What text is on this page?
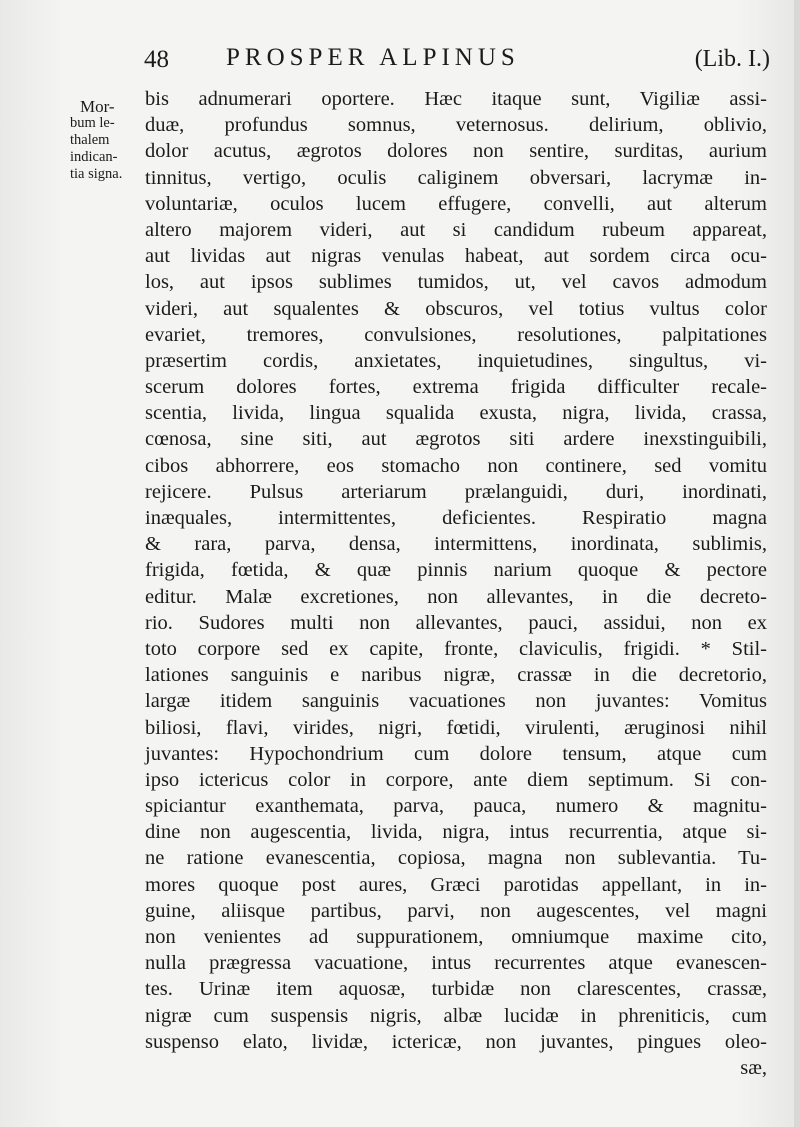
48 PROSPER ALPINUS	(Lib. I.)
Mor-
bum le-
thalem
indican-
tia signa.
bis adnumerari oportere. Hæc itaque sunt, Vigiliæ assi-
duæ, profundus somnus, veternosus. delirium, oblivio,
dolor acutus, ægrotos dolores non sentire, surditas, aurium
tinnitus, vertigo, oculis caliginem obversari, lacrymæ in-
voluntariæ, oculos lucem effugere, convelli, aut alterum
altero majorem videri, aut si candidum rubeum appareat,
aut lividas aut nigras venulas habeat, aut sordem circa ocu-
los, aut ipsos sublimes tumidos, ut, vel cavos admodum
videri, aut squalentes & obscuros, vel totius vultus color
evariet, tremores, convulsiones, resolutiones, palpitationes
præsertim cordis, anxietates, inquietudines, singultus, vi-
scerum dolores fortes, extrema frigida difficulter recale-
scentia, livida, lingua squalida exusta, nigra, livida, crassa,
cœnosa, sine siti, aut ægrotos siti ardere inexstinguibili,
cibos abhorrere, eos stomacho non continere, sed vomitu
rejicere. Pulsus arteriarum prælanguidi, duri, inordinati,
inæquales, intermittentes, deficientes. Respiratio magna
& rara, parva, densa, intermittens, inordinata, sublimis,
frigida, fœtida, & quæ pinnis narium quoque & pectore
editur. Malæ excretiones, non allevantes, in die decreto-
rio. Sudores multi non allevantes, pauci, assidui, non ex
toto corpore sed ex capite, fronte, claviculis, frigidi. * Stil-
lationes sanguinis e naribus nigræ, crassæ in die decretorio,
largæ itidem sanguinis vacuationes non juvantes: Vomitus
biliosi, flavi, virides, nigri, fœtidi, virulenti, æruginosi nihil
juvantes: Hypochondrium cum dolore tensum, atque cum
ipso ictericus color in corpore, ante diem septimum. Si con-
spiciantur exanthemata, parva, pauca, numero & magnitu-
dine non augescentia, livida, nigra, intus recurrentia, atque si-
ne ratione evanescentia, copiosa, magna non sublevantia. Tu-
mores quoque post aures, Græci parotidas appellant, in in-
guine, aliisque partibus, parvi, non augescentes, vel magni
non venientes ad suppurationem, omniumque maxime cito,
nulla prægressa vacuatione, intus recurrentes atque evanescen-
tes. Urinæ item aquosæ, turbidæ non clarescentes, crassæ,
nigræ cum suspensis nigris, albæ lucidæ in phreniticis, cum
suspenso elato, lividæ, ictericæ, non juvantes, pingues oleo-
sæ,
